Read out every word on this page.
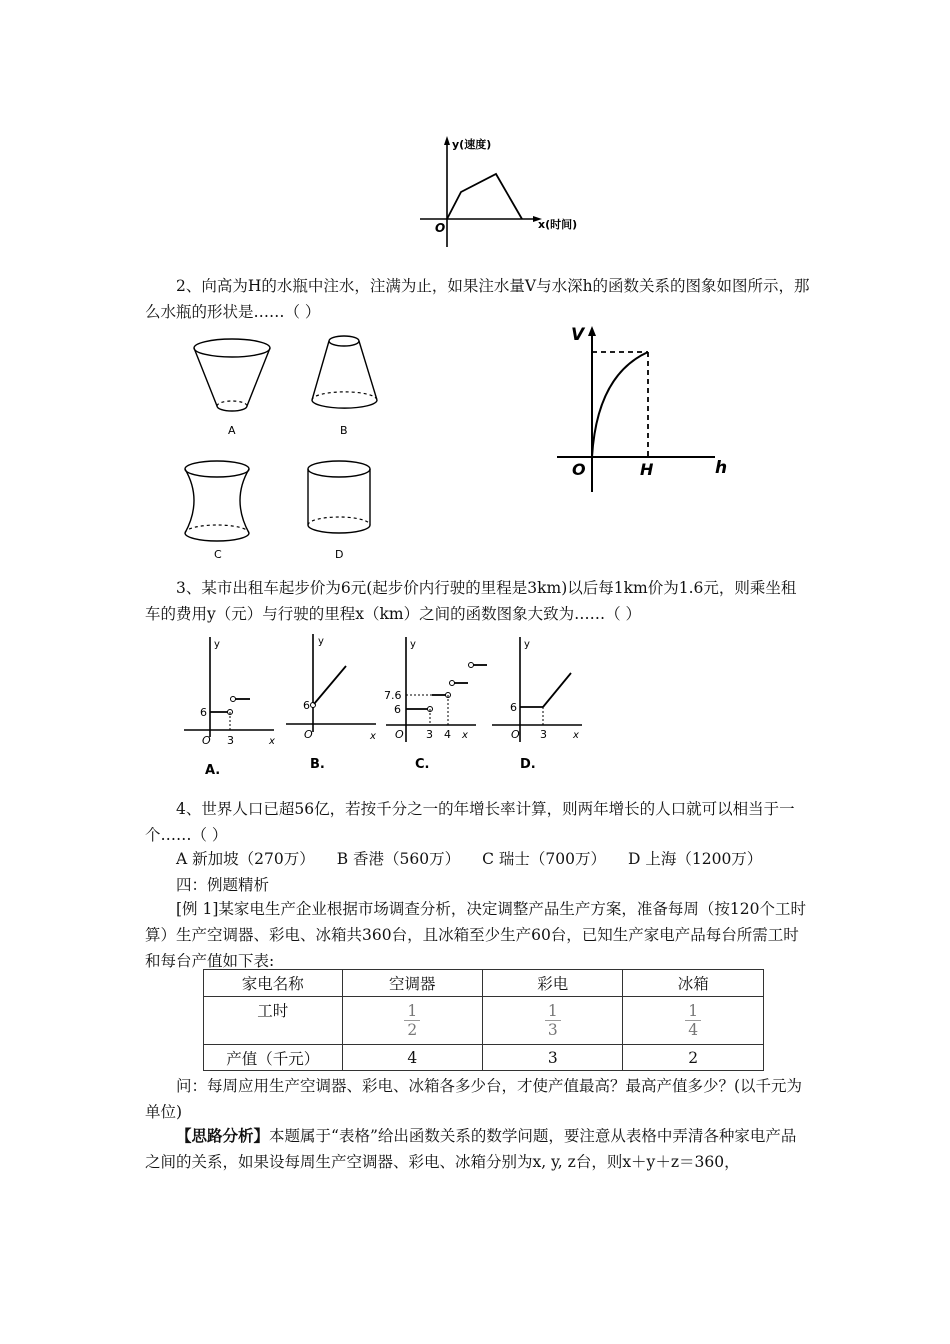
y(速度)
x(时间)
O
2、向高为H的水瓶中注水，注满为止，如果注水量V与水深h的函数关系的图象如图所示，那么水瓶的形状是……（ ）
A	B
C	D
V
h
O	H
3、某市出租车起步价为6元(起步价内行驶的里程是3km)以后每1km价为1.6元，则乘坐租车的费用y（元）与行驶的里程x（km）之间的函数图象大致为……（ ）
y
x
O
6
3
A.
y
x
O
6
B.
y
x
O
7.6
6
3 4
C.
y
x
O
6
3
D.
4、世界人口已超56亿，若按千分之一的年增长率计算，则两年增长的人口就可以相当于一个……（ ）
A 新加坡（270万） B 香港（560万） C 瑞士（700万） D 上海（1200万）
四：例题精析
[例 1]某家电生产企业根据市场调查分析，决定调整产品生产方案，准备每周（按120个工时算）生产空调器、彩电、冰箱共360台，且冰箱至少生产60台，已知生产家电产品每台所需工时和每台产值如下表:
家电名称	空调器	彩电	冰箱
工时	$\frac{1}{2}$	$\frac{1}{3}$	$\frac{1}{4}$

产值（千元）	4	3	2
问：每周应用生产空调器、彩电、冰箱各多少台，才使产值最高？最高产值多少？(以千元为单位)
【思路分析】本题属于“表格”给出函数关系的数学问题，要注意从表格中弄清各种家电产品之间的关系，如果设每周生产空调器、彩电、冰箱分别为x, y, z台，则x＋y＋z＝360，
